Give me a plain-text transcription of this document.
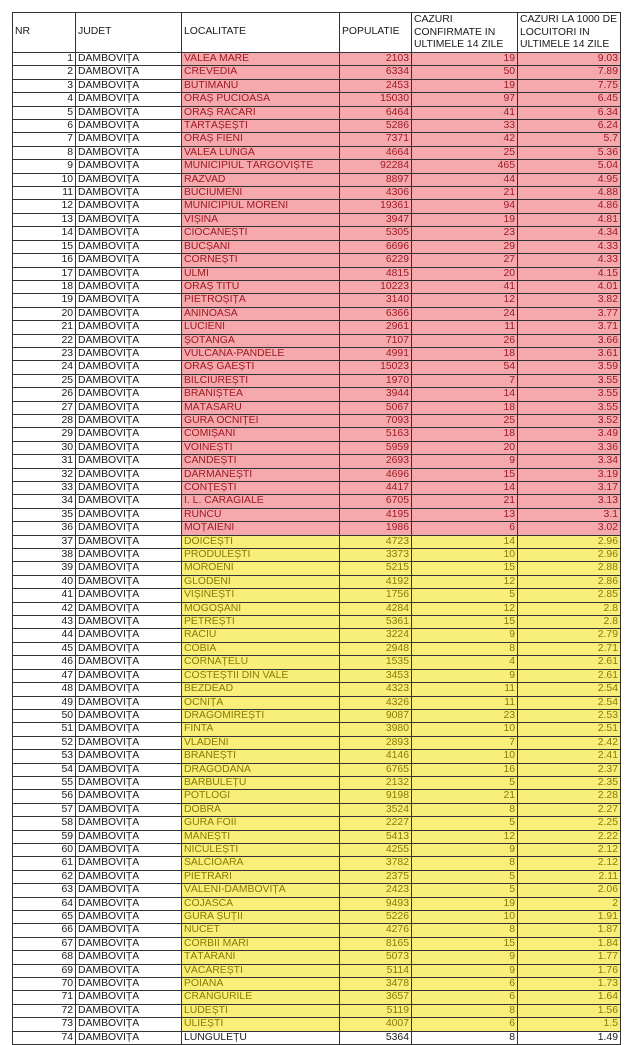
NR	JUDET	LOCALITATE	POPULATIE	CAZURI CONFIRMATE IN ULTIMELE 14 ZILE	CAZURI LA 1000 DE LOCUITORI IN ULTIMELE 14 ZILE
1	DÂMBOVIȚA	VALEA MARE	2103	19	9.03
2	DÂMBOVIȚA	CREVEDIA	6334	50	7.89
3	DÂMBOVIȚA	BUTIMANU	2453	19	7.75
4	DÂMBOVIȚA	ORAȘ PUCIOASA	15030	97	6.45
5	DÂMBOVIȚA	ORAȘ RĂCARI	6464	41	6.34
6	DÂMBOVIȚA	TĂRTĂȘEȘTI	5286	33	6.24
7	DÂMBOVIȚA	ORAȘ FIENI	7371	42	5.7
8	DÂMBOVIȚA	VALEA LUNGĂ	4664	25	5.36
9	DÂMBOVIȚA	MUNICIPIUL TÂRGOVIȘTE	92284	465	5.04
10	DÂMBOVIȚA	RĂZVAD	8897	44	4.95
11	DÂMBOVIȚA	BUCIUMENI	4306	21	4.88
12	DÂMBOVIȚA	MUNICIPIUL MORENI	19361	94	4.86
13	DÂMBOVIȚA	VIȘINA	3947	19	4.81
14	DÂMBOVIȚA	CIOCĂNEȘTI	5305	23	4.34
15	DÂMBOVIȚA	BUCȘANI	6696	29	4.33
16	DÂMBOVIȚA	CORNEȘTI	6229	27	4.33
17	DÂMBOVIȚA	ULMI	4815	20	4.15
18	DÂMBOVIȚA	ORAȘ TITU	10223	41	4.01
19	DÂMBOVIȚA	PIETROȘIȚA	3140	12	3.82
20	DÂMBOVIȚA	ANINOASA	6366	24	3.77
21	DÂMBOVIȚA	LUCIENI	2961	11	3.71
22	DÂMBOVIȚA	ȘOTÂNGA	7107	26	3.66
23	DÂMBOVIȚA	VULCANA-PANDELE	4991	18	3.61
24	DÂMBOVIȚA	ORAȘ GĂEȘTI	15023	54	3.59
25	DÂMBOVIȚA	BILCIUREȘTI	1970	7	3.55
26	DÂMBOVIȚA	BRANIȘTEA	3944	14	3.55
27	DÂMBOVIȚA	MĂTĂSARU	5067	18	3.55
28	DÂMBOVIȚA	GURA OCNIȚEI	7093	25	3.52
29	DÂMBOVIȚA	COMIȘANI	5163	18	3.49
30	DÂMBOVIȚA	VOINEȘTI	5959	20	3.36
31	DÂMBOVIȚA	CÂNDEȘTI	2693	9	3.34
32	DÂMBOVIȚA	DÂRMĂNEȘTI	4696	15	3.19
33	DÂMBOVIȚA	CONȚEȘTI	4417	14	3.17
34	DÂMBOVIȚA	I. L. CARAGIALE	6705	21	3.13
35	DÂMBOVIȚA	RUNCU	4195	13	3.1
36	DÂMBOVIȚA	MOȚĂIENI	1986	6	3.02
37	DÂMBOVIȚA	DOICEȘTI	4723	14	2.96
38	DÂMBOVIȚA	PRODULEȘTI	3373	10	2.96
39	DÂMBOVIȚA	MOROENI	5215	15	2.88
40	DÂMBOVIȚA	GLODENI	4192	12	2.86
41	DÂMBOVIȚA	VIȘINEȘTI	1756	5	2.85
42	DÂMBOVIȚA	MOGOȘANI	4284	12	2.8
43	DÂMBOVIȚA	PETREȘTI	5361	15	2.8
44	DÂMBOVIȚA	RACIU	3224	9	2.79
45	DÂMBOVIȚA	COBIA	2948	8	2.71
46	DÂMBOVIȚA	CORNĂȚELU	1535	4	2.61
47	DÂMBOVIȚA	COSTEȘTII DIN VALE	3453	9	2.61
48	DÂMBOVIȚA	BEZDEAD	4323	11	2.54
49	DÂMBOVIȚA	OCNIȚA	4326	11	2.54
50	DÂMBOVIȚA	DRAGOMIREȘTI	9087	23	2.53
51	DÂMBOVIȚA	FINTA	3980	10	2.51
52	DÂMBOVIȚA	VLĂDENI	2893	7	2.42
53	DÂMBOVIȚA	BRĂNEȘTI	4146	10	2.41
54	DÂMBOVIȚA	DRAGODANA	6765	16	2.37
55	DÂMBOVIȚA	BĂRBULEȚU	2132	5	2.35
56	DÂMBOVIȚA	POTLOGI	9198	21	2.28
57	DÂMBOVIȚA	DOBRA	3524	8	2.27
58	DÂMBOVIȚA	GURA FOII	2227	5	2.25
59	DÂMBOVIȚA	MĂNEȘTI	5413	12	2.22
60	DÂMBOVIȚA	NICULEȘTI	4255	9	2.12
61	DÂMBOVIȚA	SĂLCIOARA	3782	8	2.12
62	DÂMBOVIȚA	PIETRARI	2375	5	2.11
63	DÂMBOVIȚA	VĂLENI-DÂMBOVIȚA	2423	5	2.06
64	DÂMBOVIȚA	COJASCA	9493	19	2
65	DÂMBOVIȚA	GURA ȘUȚII	5226	10	1.91
66	DÂMBOVIȚA	NUCET	4276	8	1.87
67	DÂMBOVIȚA	CORBII MARI	8165	15	1.84
68	DÂMBOVIȚA	TĂTĂRANI	5073	9	1.77
69	DÂMBOVIȚA	VĂCĂREȘTI	5114	9	1.76
70	DÂMBOVIȚA	POIANA	3478	6	1.73
71	DÂMBOVIȚA	CRÂNGURILE	3657	6	1.64
72	DÂMBOVIȚA	LUDEȘTI	5119	8	1.56
73	DÂMBOVIȚA	ULIEȘTI	4007	6	1.5
74	DÂMBOVIȚA	LUNGULEȚU	5364	8	1.49
